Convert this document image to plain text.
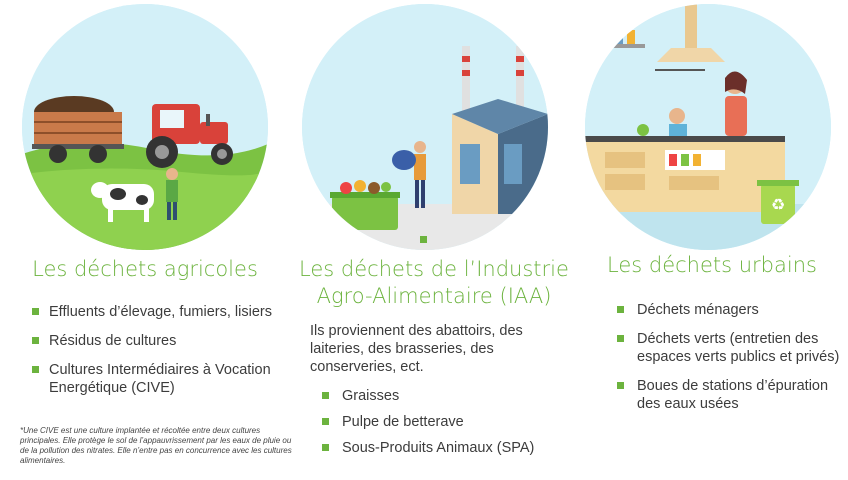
Les déchets agricoles
Effluents d’élevage, fumiers, lisiers
Résidus de cultures
Cultures Intermédiaires à Vocation Energétique (CIVE)
*Une CIVE est une culture implantée et récoltée entre deux cultures principales. Elle protège le sol de l’appauvrissement par les eaux de pluie ou de la pollution des nitrates. Elle n’entre pas en concurrence avec les cultures alimentaires.
Les déchets de l’Industrie
Agro-Alimentaire (IAA)
Ils proviennent des abattoirs, des laiteries, des brasseries, des conserveries, ect.
Graisses
Pulpe de betterave
Sous-Produits Animaux (SPA)
♻
Les déchets urbains
Déchets ménagers
Déchets verts (entretien des espaces verts publics et privés)
Boues de stations d’épuration des eaux usées
